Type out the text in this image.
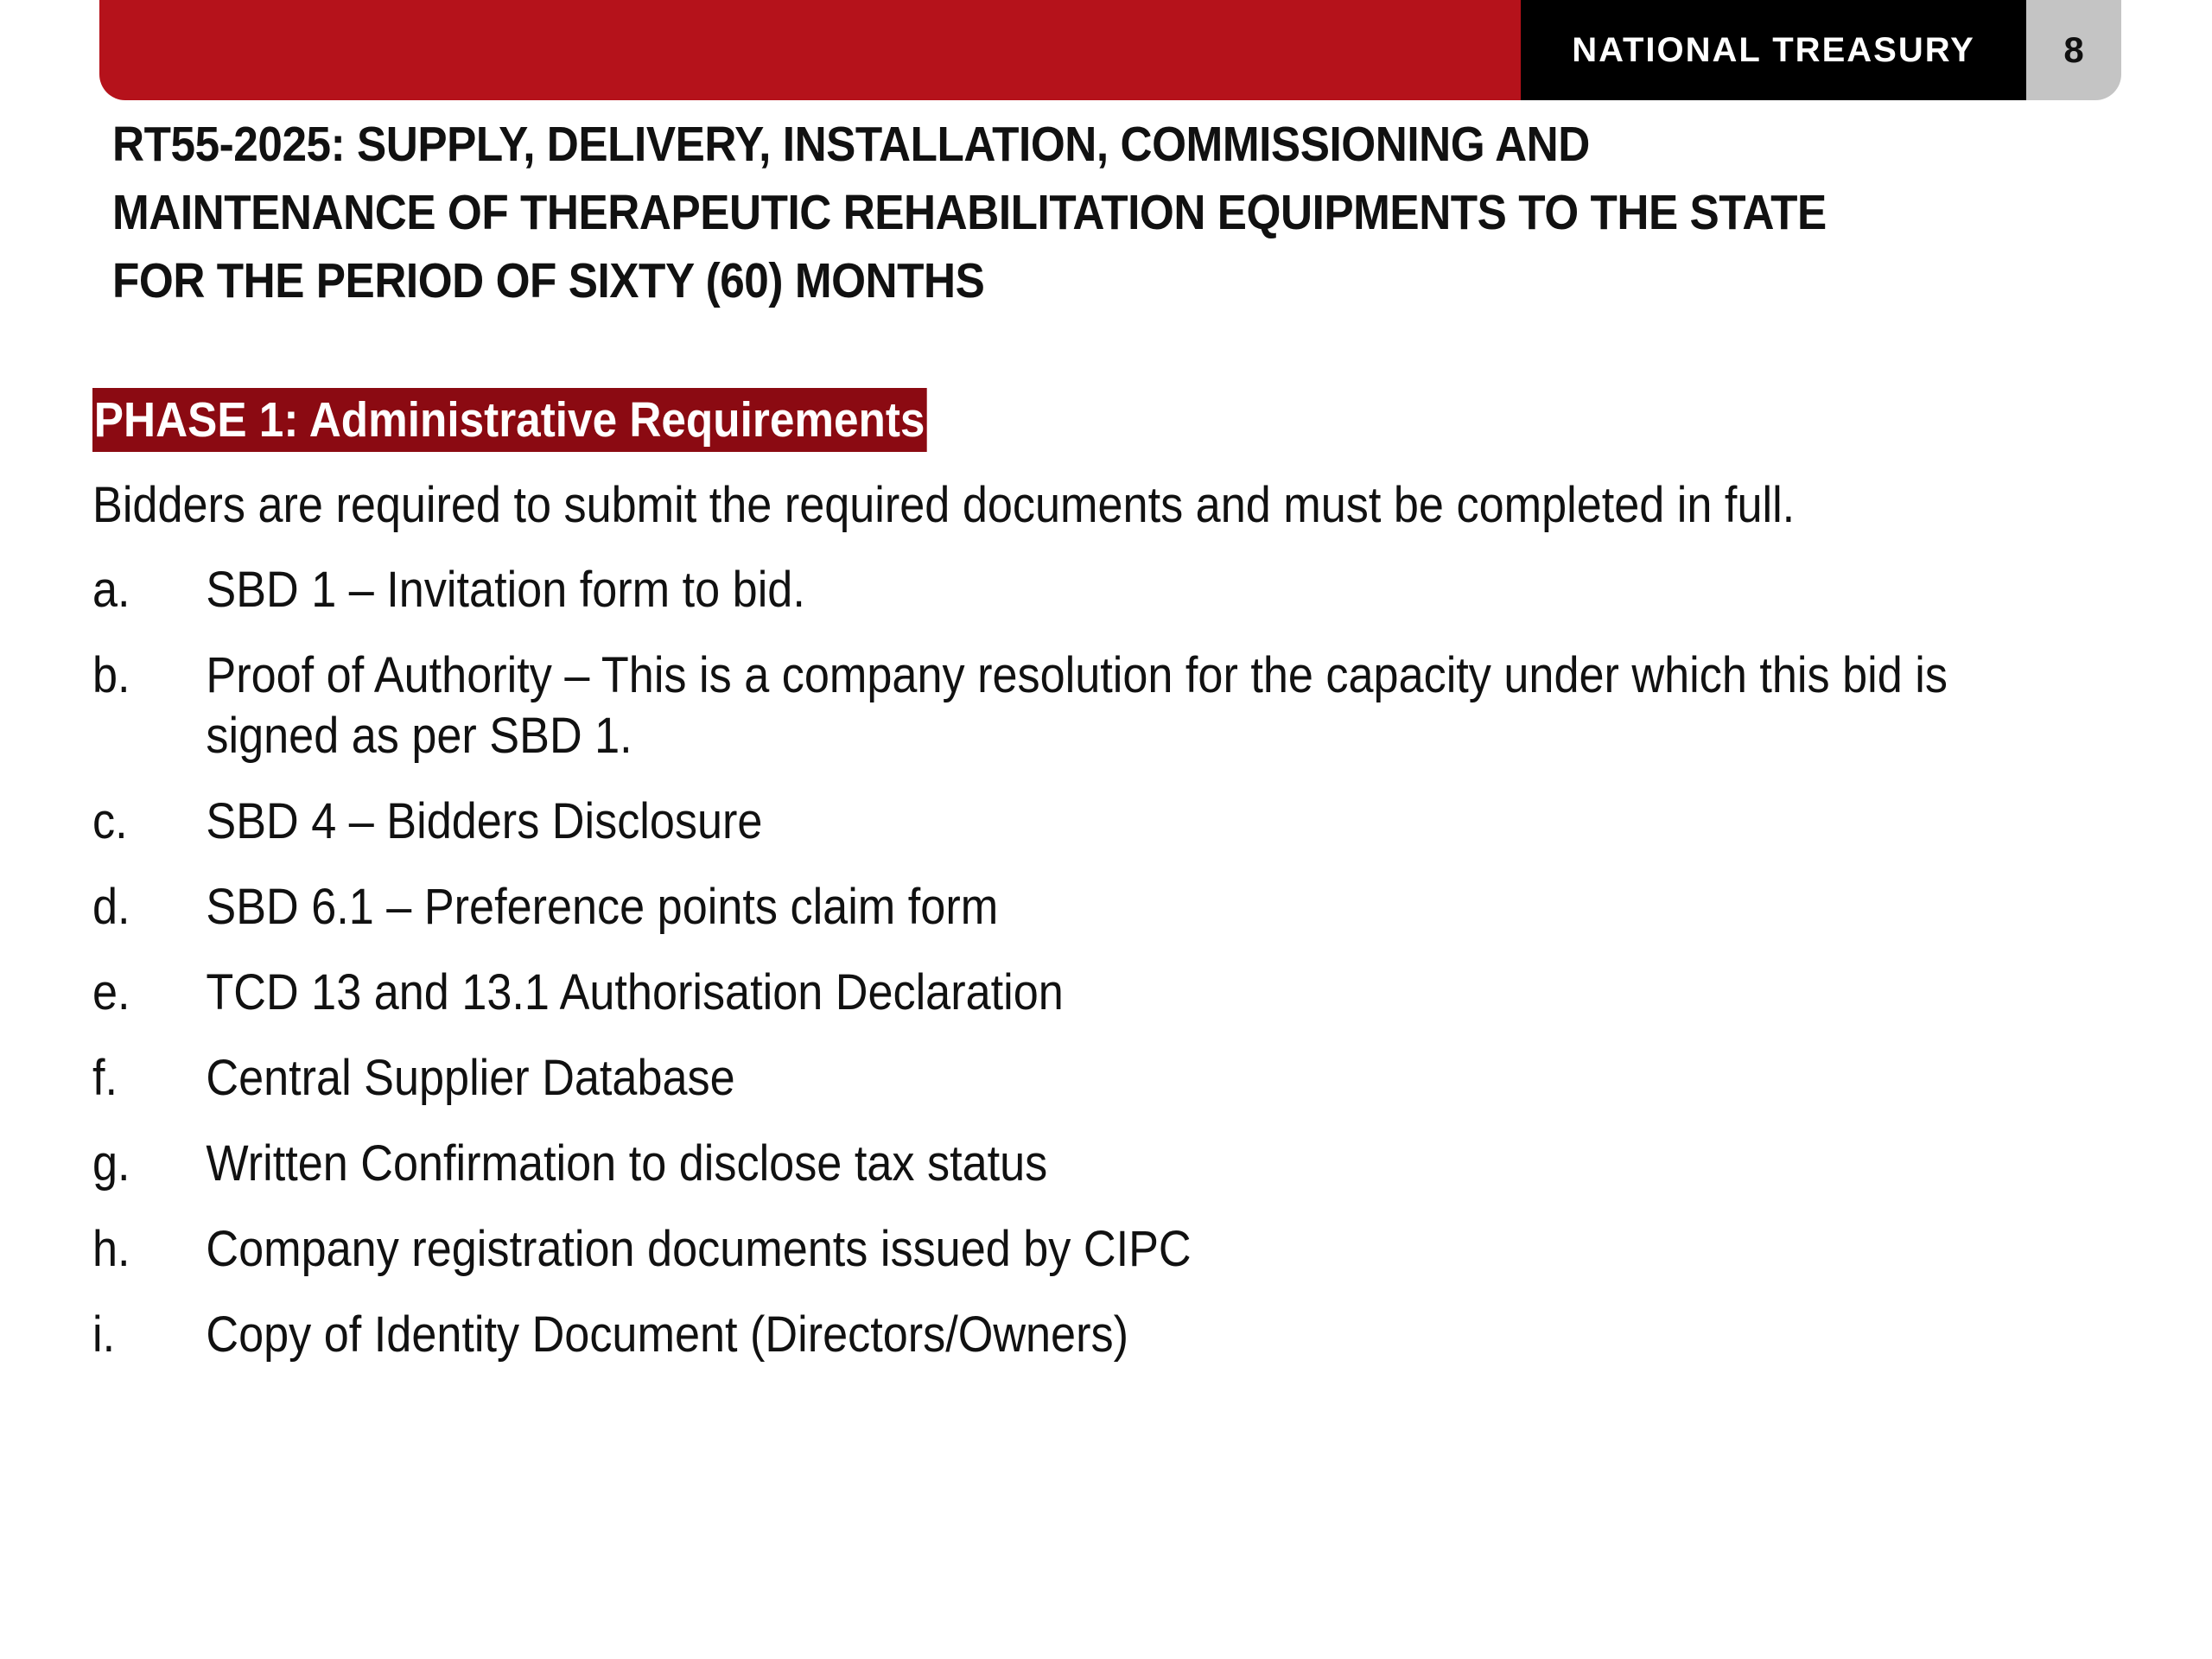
NATIONAL TREASURY	8
RT55-2025: SUPPLY, DELIVERY, INSTALLATION, COMMISSIONING AND MAINTENANCE OF THERAPEUTIC REHABILITATION EQUIPMENTS TO THE STATE FOR THE PERIOD OF SIXTY (60) MONTHS
PHASE 1: Administrative Requirements
Bidders are required to submit the required documents and must be completed in full.
a.	SBD 1 – Invitation form to bid.
b.	Proof of Authority – This is a company resolution for the capacity under which this bid is signed as per SBD 1.
c.	SBD 4 – Bidders Disclosure
d.	SBD 6.1 – Preference points claim form
e.	TCD 13 and 13.1 Authorisation Declaration
f.	Central Supplier Database
g.	Written Confirmation to disclose tax status
h.	Company registration documents issued by CIPC
i.	Copy of Identity Document (Directors/Owners)
